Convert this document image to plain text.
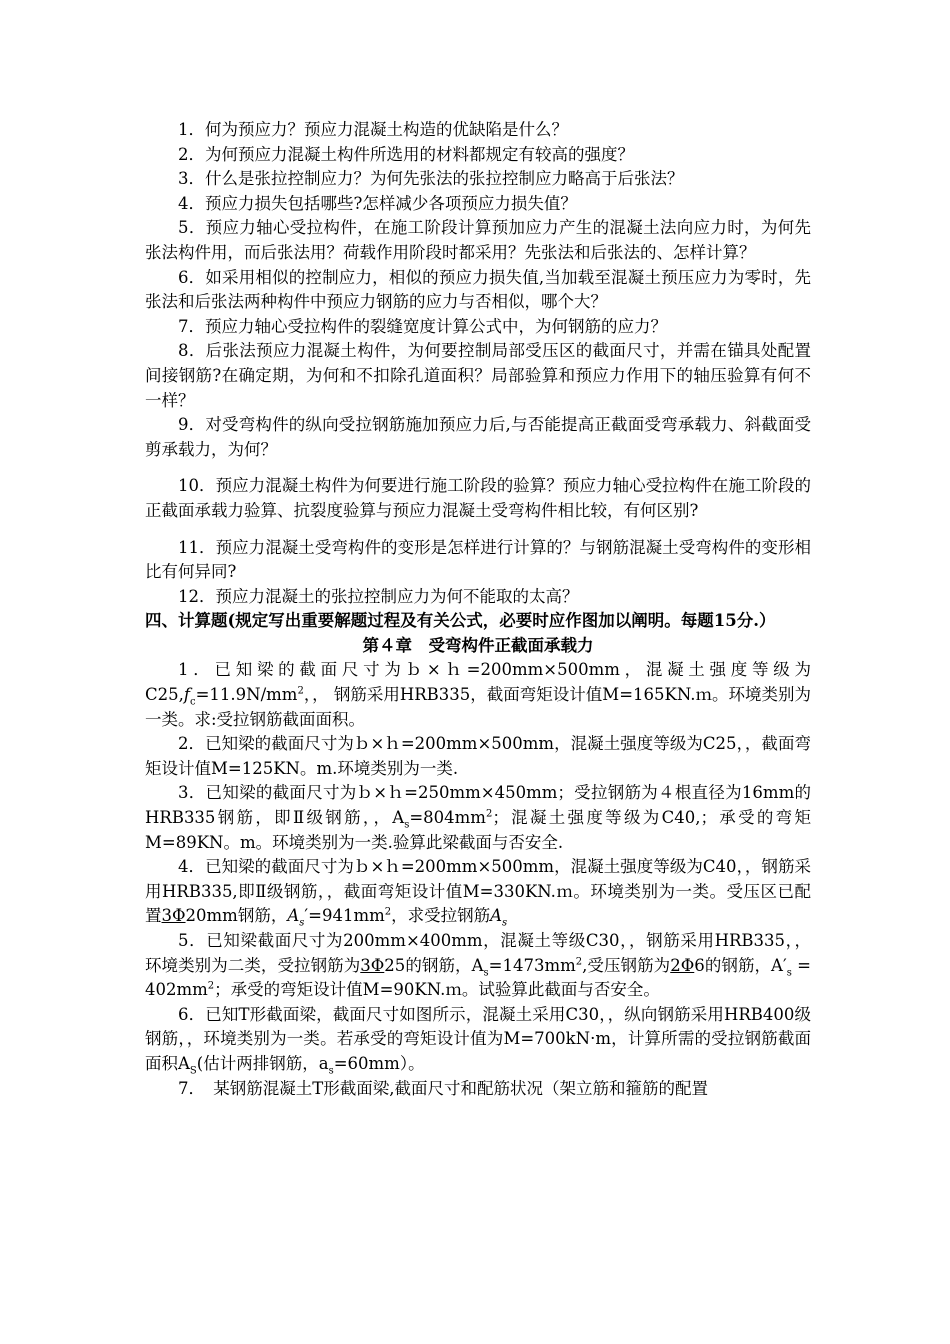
1．何为预应力？预应力混凝土构造的优缺陷是什么？

2．为何预应力混凝土构件所选用的材料都规定有较高的强度？

3．什么是张拉控制应力？为何先张法的张拉控制应力略高于后张法？

4．预应力损失包括哪些?怎样减少各项预应力损失值？

5．预应力轴心受拉构件，在施工阶段计算预加应力产生的混凝土法向应力时，为何先张法构件用，而后张法用？荷载作用阶段时都采用？先张法和后张法的、怎样计算？

6．如采用相似的控制应力，相似的预应力损失值,当加载至混凝土预压应力为零时，先张法和后张法两种构件中预应力钢筋的应力与否相似，哪个大？

7．预应力轴心受拉构件的裂缝宽度计算公式中，为何钢筋的应力？

8．后张法预应力混凝土构件，为何要控制局部受压区的截面尺寸，并需在锚具处配置间接钢筋?在确定期，为何和不扣除孔道面积？局部验算和预应力作用下的轴压验算有何不一样？

9．对受弯构件的纵向受拉钢筋施加预应力后,与否能提高正截面受弯承载力、斜截面受剪承载力，为何？

10．预应力混凝土构件为何要进行施工阶段的验算？预应力轴心受拉构件在施工阶段的正截面承载力验算、抗裂度验算与预应力混凝土受弯构件相比较，有何区别?

11．预应力混凝土受弯构件的变形是怎样进行计算的？与钢筋混凝土受弯构件的变形相比有何异同?

12．预应力混凝土的张拉控制应力为何不能取的太高？

四、计算题(规定写出重要解题过程及有关公式，必要时应作图加以阐明。每题15分.）

第４章　受弯构件正截面承载力

1．已知梁的截面尺寸为ｂ×ｈ=200mm×500mm，混凝土强度等级为$C25,f_c=11.9N/mm^2$，， 钢筋采用HRB335，截面弯矩设计值M=165KN.ｍ。环境类别为一类。求:受拉钢筋截面面积。

2．已知梁的截面尺寸为ｂ×ｈ=200mm×500mm，混凝土强度等级为C25，，截面弯矩设计值M=125KN。m.环境类别为一类.

3．已知梁的截面尺寸为ｂ×ｈ=250mm×450mm；受拉钢筋为４根直径为16mm的HRB335钢筋，即Ⅱ级钢筋，，$A_s=804mm^2$；混凝土强度等级为C40,；承受的弯矩M=89KN。m。环境类别为一类.验算此梁截面与否安全.

4．已知梁的截面尺寸为ｂ×ｈ=200mm×500mm，混凝土强度等级为C40，，钢筋采用HRB335,即Ⅱ级钢筋，，截面弯矩设计值M=330KN.ｍ。环境类别为一类。受压区已配置3Φ20mm钢筋，$A_s'=941mm^2$，求受拉钢筋$A_s$

5．已知梁截面尺寸为200mm×400mm，混凝土等级C30，，钢筋采用HRB335，，环境类别为二类，受拉钢筋为3Φ25的钢筋，$A_s=1473mm^2$,受压钢筋为2Φ6的钢筋，$A'_s = 402mm^2$；承受的弯矩设计值M=90KN.ｍ。试验算此截面与否安全。

6．已知T形截面梁，截面尺寸如图所示，混凝土采用C30，，纵向钢筋采用HRB400级钢筋，，环境类别为一类。若承受的弯矩设计值为M=700kN·m，计算所需的受拉钢筋截面面积$A_S$(估计两排钢筋，$a_s=60mm$）。

7．　某钢筋混凝土T形截面梁,截面尺寸和配筋状况（架立筋和箍筋的配置
